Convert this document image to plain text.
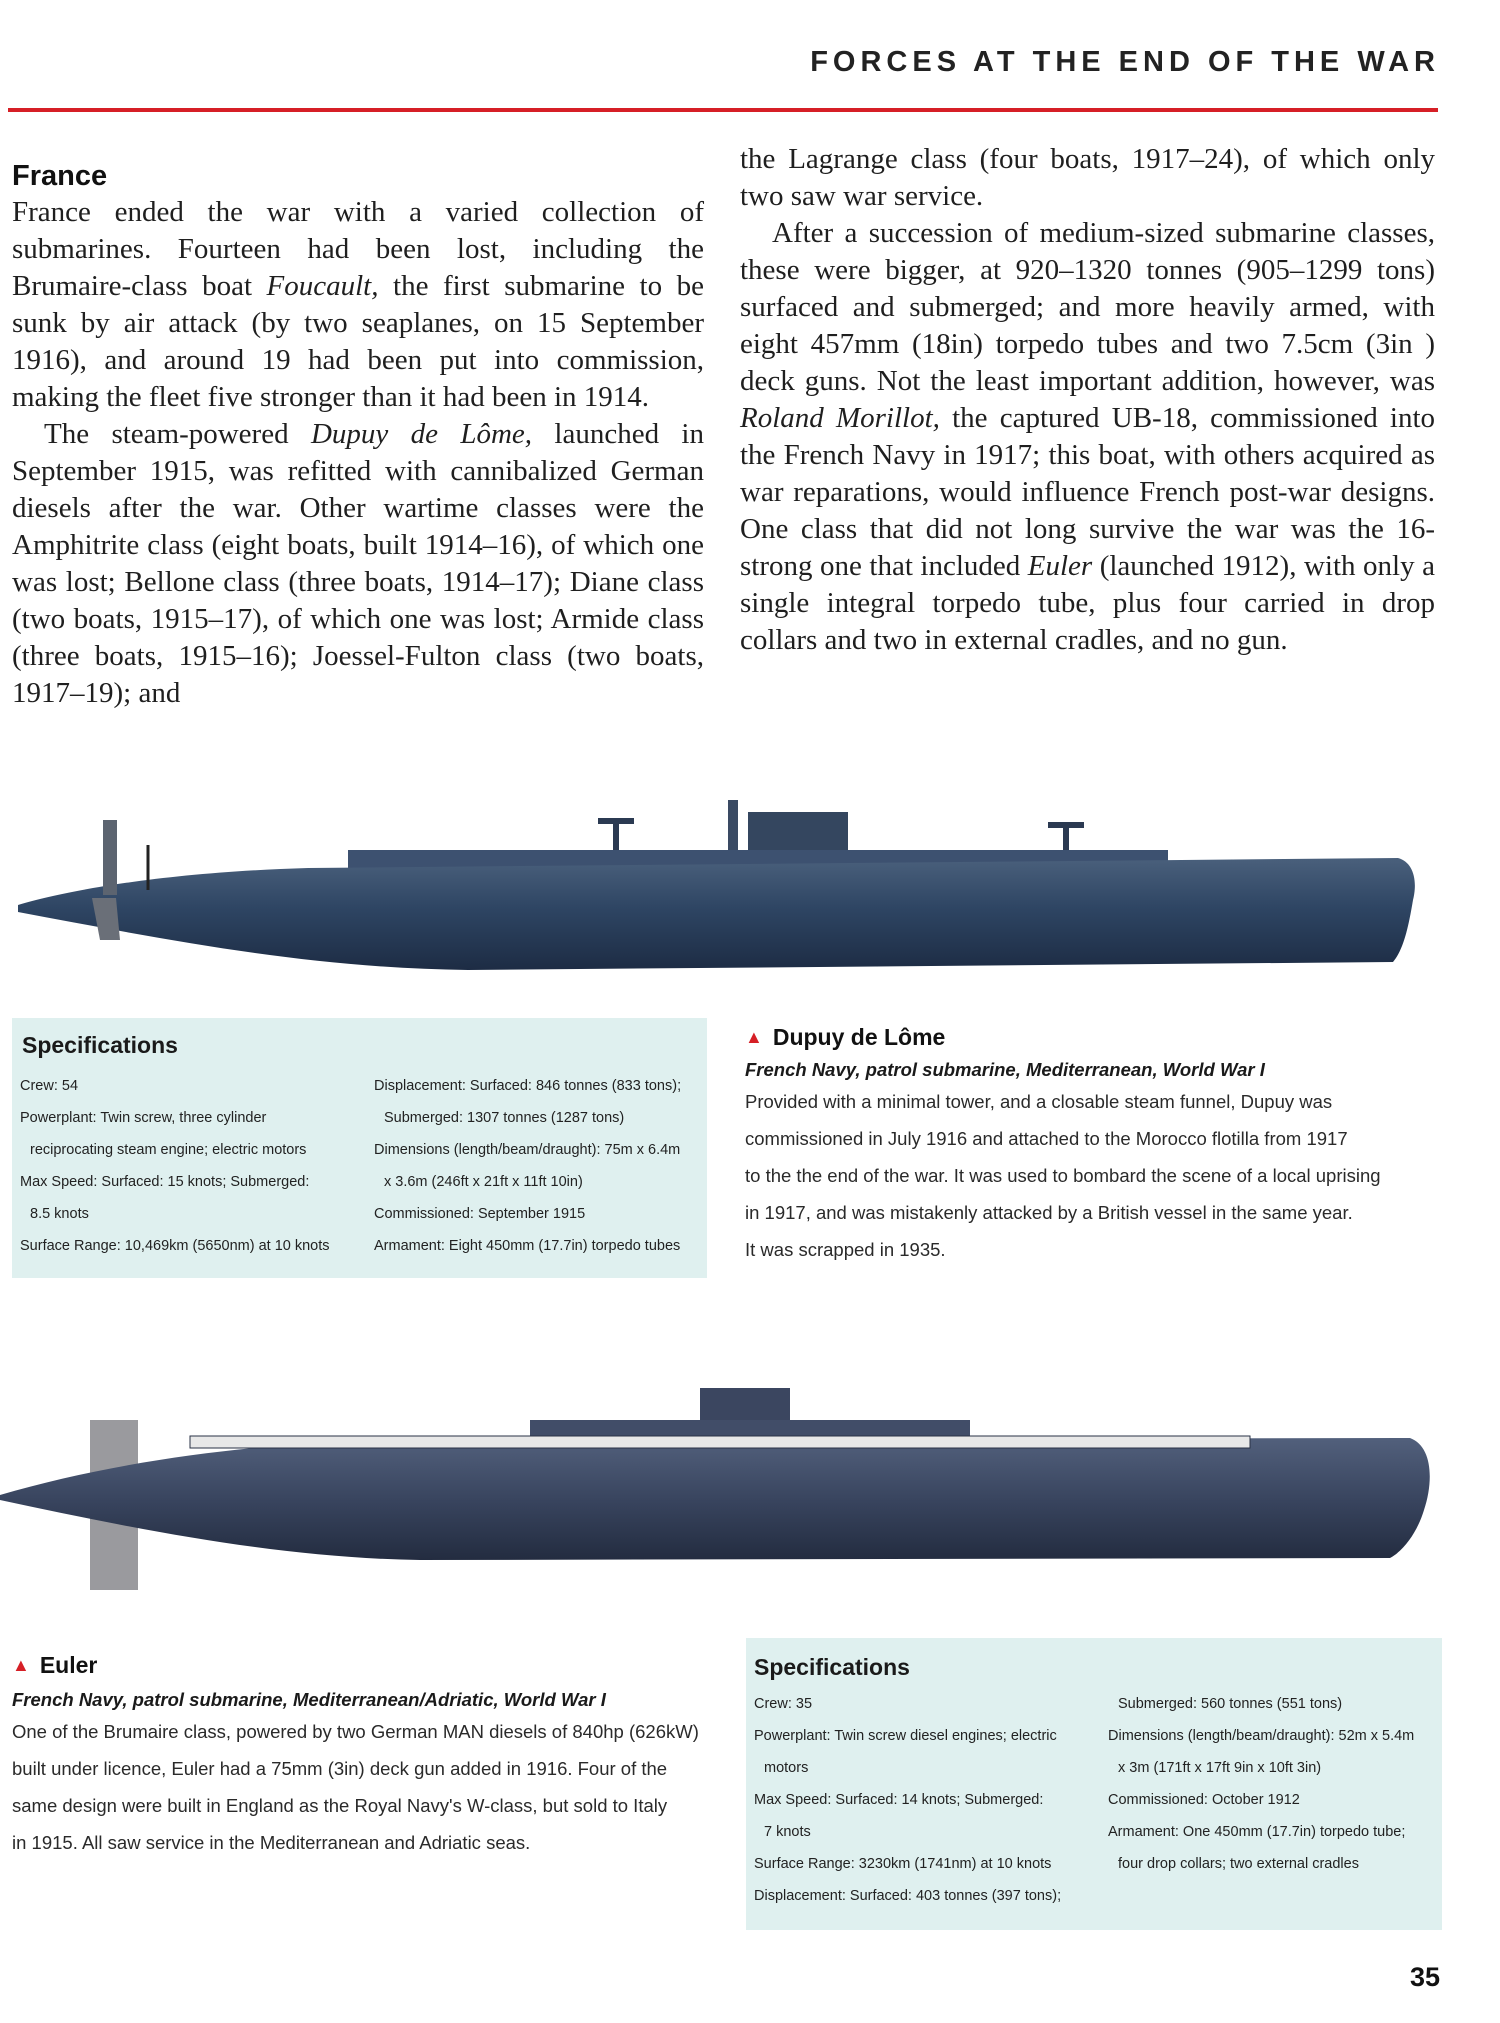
FORCES AT THE END OF THE WAR
France

France ended the war with a varied collection of submarines. Fourteen had been lost, including the Brumaire-class boat Foucault, the first submarine to be sunk by air attack (by two seaplanes, on 15 September 1916), and around 19 had been put into commission, making the fleet five stronger than it had been in 1914.

The steam-powered Dupuy de Lôme, launched in September 1915, was refitted with cannibalized German diesels after the war. Other wartime classes were the Amphitrite class (eight boats, built 1914–16), of which one was lost; Bellone class (three boats, 1914–17); Diane class (two boats, 1915–17), of which one was lost; Armide class (three boats, 1915–16); Joessel-Fulton class (two boats, 1917–19); and

the Lagrange class (four boats, 1917–24), of which only two saw war service.

After a succession of medium-sized submarine classes, these were bigger, at 920–1320 tonnes (905–1299 tons) surfaced and submerged; and more heavily armed, with eight 457mm (18in) torpedo tubes and two 7.5cm (3in ) deck guns. Not the least important addition, however, was Roland Morillot, the captured UB-18, commissioned into the French Navy in 1917; this boat, with others acquired as war reparations, would influence French post-war designs. One class that did not long survive the war was the 16-strong one that included Euler (launched 1912), with only a single integral torpedo tube, plus four carried in drop collars and two in external cradles, and no gun.

Specifications
Crew: 54
Powerplant: Twin screw, three cylinder
reciprocating steam engine; electric motors
Max Speed: Surfaced: 15 knots; Submerged:
8.5 knots
Surface Range: 10,469km (5650nm) at 10 knots
Displacement: Surfaced: 846 tonnes (833 tons);
Submerged: 1307 tonnes (1287 tons)
Dimensions (length/beam/draught): 75m x 6.4m
x 3.6m (246ft x 21ft x 11ft 10in)
Commissioned: September 1915
Armament: Eight 450mm (17.7in) torpedo tubes
▲ Dupuy de Lôme
French Navy, patrol submarine, Mediterranean, World War I
Provided with a minimal tower, and a closable steam funnel, Dupuy was
commissioned in July 1916 and attached to the Morocco flotilla from 1917
to the the end of the war. It was used to bombard the scene of a local uprising
in 1917, and was mistakenly attacked by a British vessel in the same year.
It was scrapped in 1935.
▲ Euler
French Navy, patrol submarine, Mediterranean/Adriatic, World War I
One of the Brumaire class, powered by two German MAN diesels of 840hp (626kW)
built under licence, Euler had a 75mm (3in) deck gun added in 1916. Four of the
same design were built in England as the Royal Navy's W-class, but sold to Italy
in 1915. All saw service in the Mediterranean and Adriatic seas.
Specifications
Crew: 35
Powerplant: Twin screw diesel engines; electric
motors
Max Speed: Surfaced: 14 knots; Submerged:
7 knots
Surface Range: 3230km (1741nm) at 10 knots
Displacement: Surfaced: 403 tonnes (397 tons);
Submerged: 560 tonnes (551 tons)
Dimensions (length/beam/draught): 52m x 5.4m
x 3m (171ft x 17ft 9in x 10ft 3in)
Commissioned: October 1912
Armament: One 450mm (17.7in) torpedo tube;
four drop collars; two external cradles
35
